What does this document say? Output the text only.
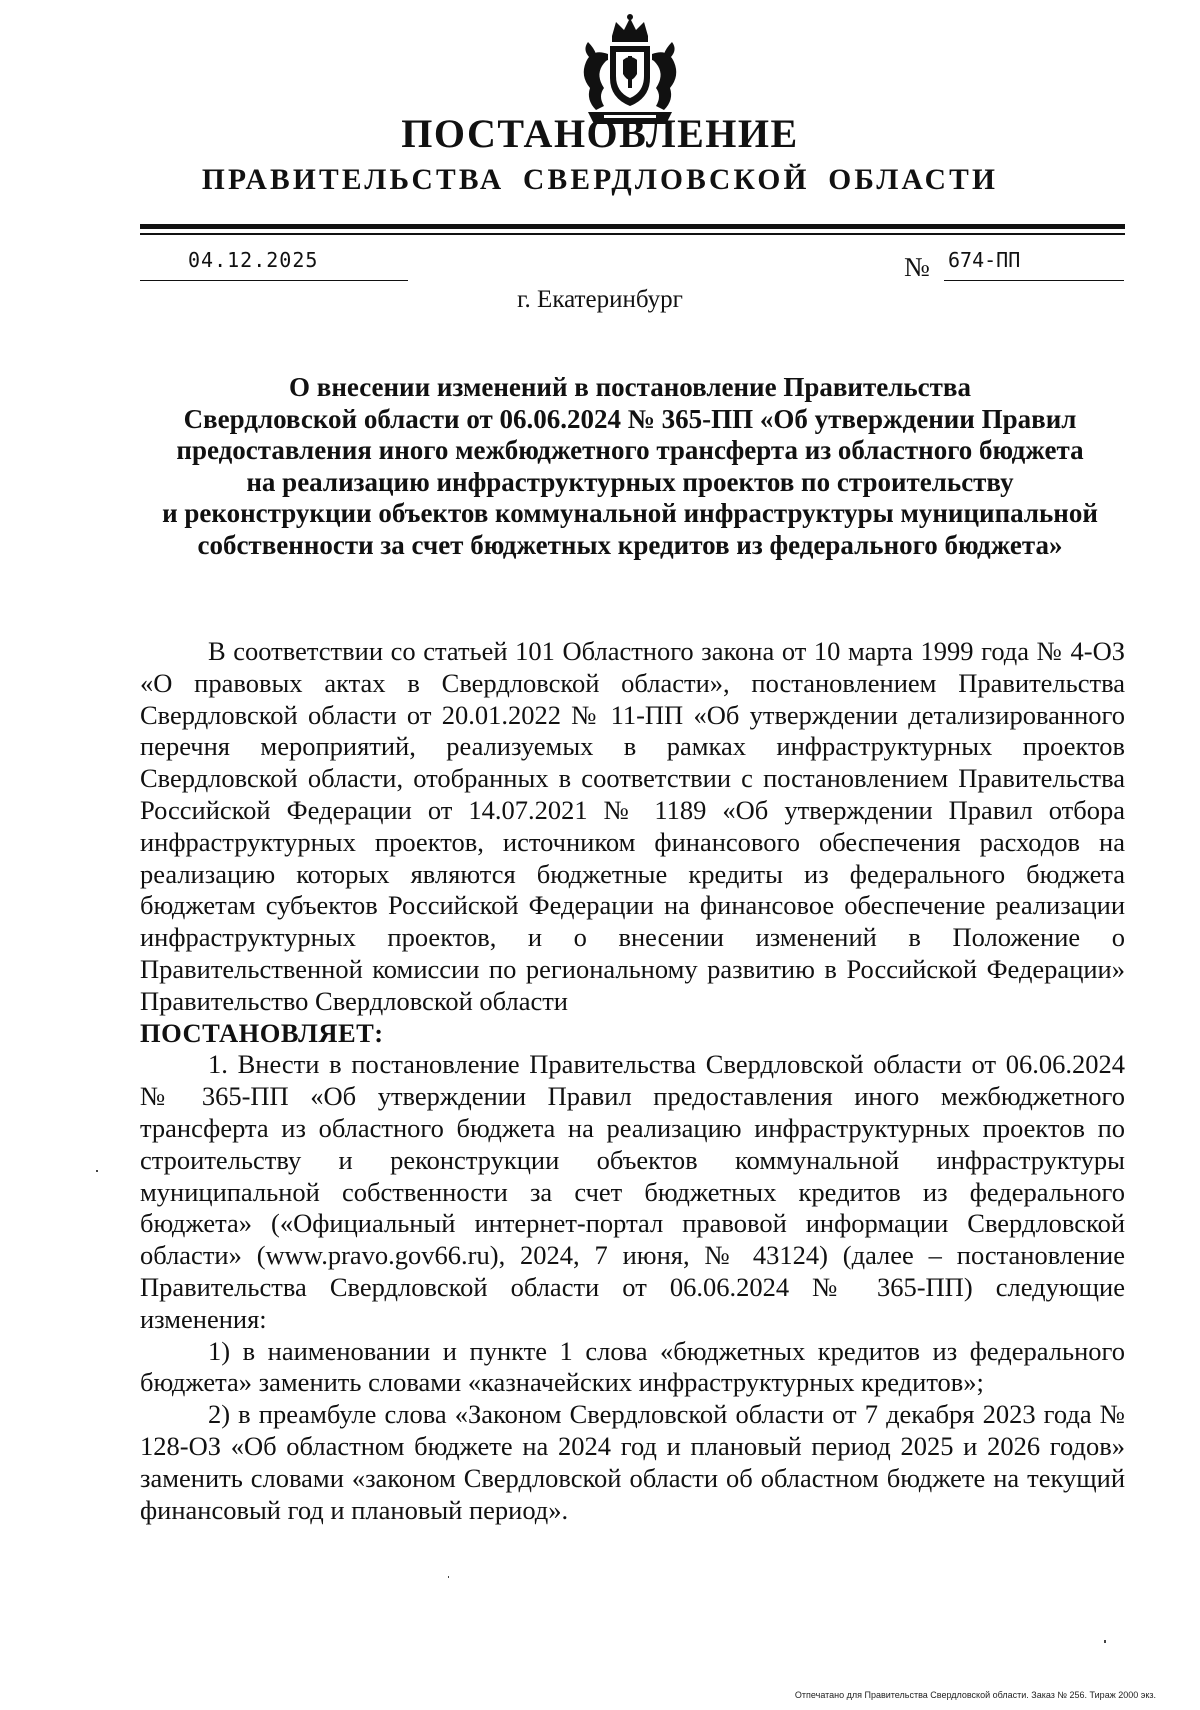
ПОСТАНОВЛЕНИЕ
ПРАВИТЕЛЬСТВА СВЕРДЛОВСКОЙ ОБЛАСТИ
04.12.2025	№ 674-ПП
г. Екатеринбург
О внесении изменений в постановление Правительства
Свердловской области от 06.06.2024 № 365-ПП «Об утверждении Правил
предоставления иного межбюджетного трансферта из областного бюджета
на реализацию инфраструктурных проектов по строительству
и реконструкции объектов коммунальной инфраструктуры муниципальной
собственности за счет бюджетных кредитов из федерального бюджета»

В соответствии со статьей 101 Областного закона от 10 марта 1999 года № 4-ОЗ «О правовых актах в Свердловской области», постановлением Правительства Свердловской области от 20.01.2022 № 11-ПП «Об утверждении детализированного перечня мероприятий, реализуемых в рамках инфраструктурных проектов Свердловской области, отобранных в соответствии с постановлением Правительства Российской Федерации от 14.07.2021 № 1189 «Об утверждении Правил отбора инфраструктурных проектов, источником финансового обеспечения расходов на реализацию которых являются бюджетные кредиты из федерального бюджета бюджетам субъектов Российской Федерации на финансовое обеспечение реализации инфраструктурных проектов, и о внесении изменений в Положение о Правительственной комиссии по региональному развитию в Российской Федерации» Правительство Свердловской области

ПОСТАНОВЛЯЕТ:

1. Внести в постановление Правительства Свердловской области от 06.06.2024 № 365-ПП «Об утверждении Правил предоставления иного межбюджетного трансферта из областного бюджета на реализацию инфраструктурных проектов по строительству и реконструкции объектов коммунальной инфраструктуры муниципальной собственности за счет бюджетных кредитов из федерального бюджета» («Официальный интернет-портал правовой информации Свердловской области» (www.pravo.gov66.ru), 2024, 7 июня, № 43124) (далее – постановление Правительства Свердловской области от 06.06.2024 № 365-ПП) следующие изменения:

1) в наименовании и пункте 1 слова «бюджетных кредитов из федерального бюджета» заменить словами «казначейских инфраструктурных кредитов»;

2) в преамбуле слова «Законом Свердловской области от 7 декабря 2023 года № 128-ОЗ «Об областном бюджете на 2024 год и плановый период 2025 и 2026 годов» заменить словами «законом Свердловской области об областном бюджете на текущий финансовый год и плановый период».

Отпечатано для Правительства Свердловской области. Заказ № 256. Тираж 2000 экз.
